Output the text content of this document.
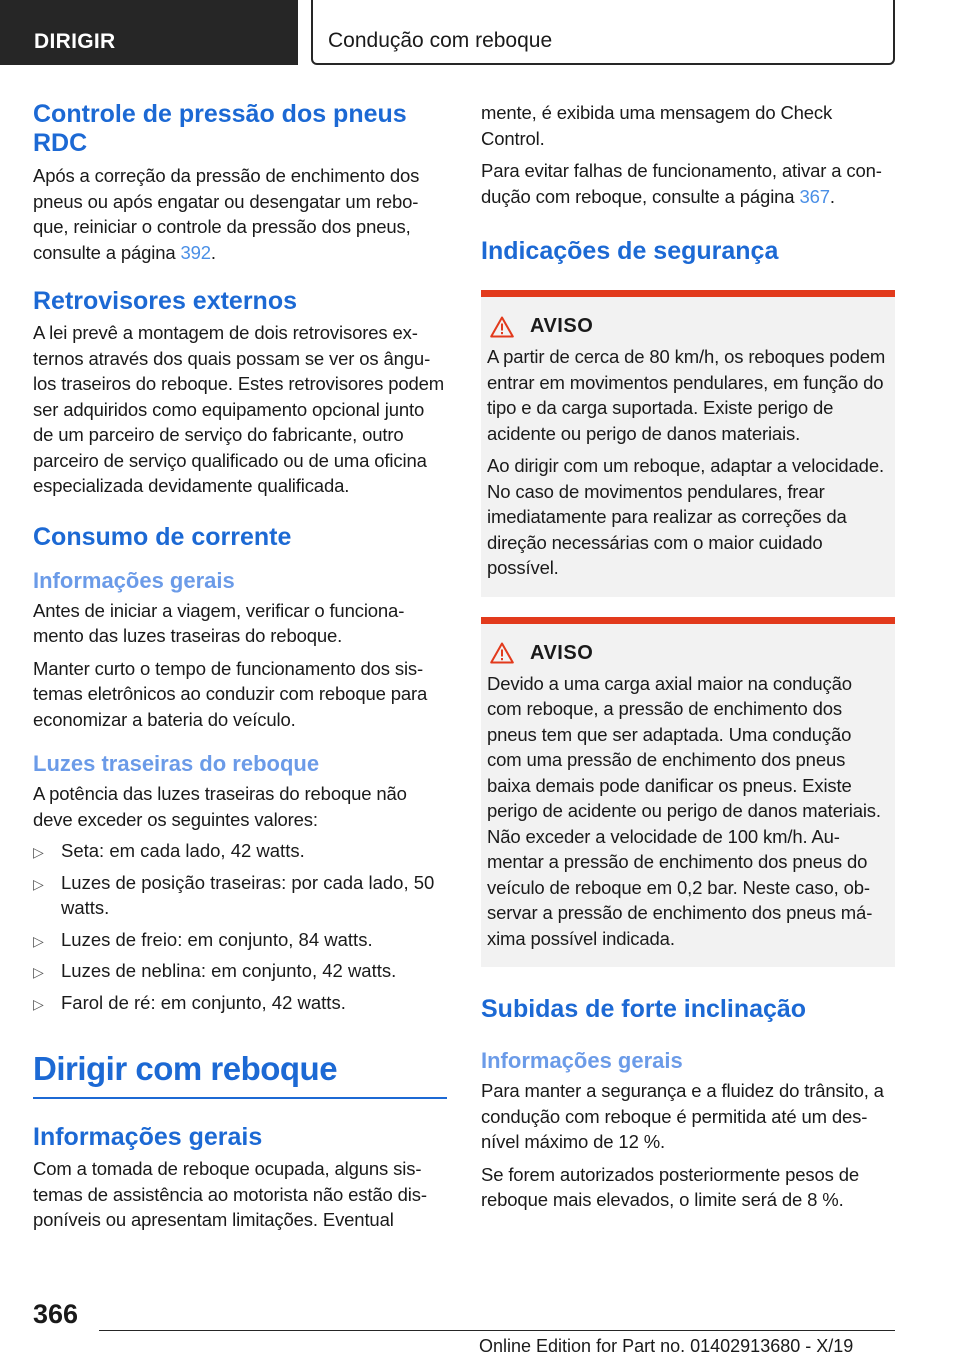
DIRIGIR	Condução com reboque
Controle de pressão dos pneus
RDC

Após a correção da pressão de enchimento dos pneus ou após engatar ou desengatar um reboque, reiniciar o controle da pressão dos pneus, consulte a página 392.

Retrovisores externos

A lei prevê a montagem de dois retrovisores externos através dos quais possam se ver os ângulos traseiros do reboque. Estes retrovisores podem ser adquiridos como equipamento opcional junto de um parceiro de serviço do fabricante, outro parceiro de serviço qualificado ou de uma oficina especializada devidamente qualificada.

Consumo de corrente
Informações gerais

Antes de iniciar a viagem, verificar o funcionamento das luzes traseiras do reboque.

Manter curto o tempo de funcionamento dos sistemas eletrônicos ao conduzir com reboque para economizar a bateria do veículo.

Luzes traseiras do reboque

A potência das luzes traseiras do reboque não deve exceder os seguintes valores:

▷ Seta: em cada lado, 42 watts.
▷ Luzes de posição traseiras: por cada lado, 50 watts.
▷ Luzes de freio: em conjunto, 84 watts.
▷ Luzes de neblina: em conjunto, 42 watts.
▷ Farol de ré: em conjunto, 42 watts.
Dirigir com reboque
Informações gerais

Com a tomada de reboque ocupada, alguns sistemas de assistência ao motorista não estão disponíveis ou apresentam limitações. Eventual

mente, é exibida uma mensagem do Check Control.

Para evitar falhas de funcionamento, ativar a condução com reboque, consulte a página 367.

Indicações de segurança
AVISO

A partir de cerca de 80 km/h, os reboques podem entrar em movimentos pendulares, em função do tipo e da carga suportada. Existe perigo de acidente ou perigo de danos materiais.

Ao dirigir com um reboque, adaptar a velocidade. No caso de movimentos pendulares, frear imediatamente para realizar as correções da direção necessárias com o maior cuidado possível.

AVISO

Devido a uma carga axial maior na condução com reboque, a pressão de enchimento dos pneus tem que ser adaptada. Uma condução com uma pressão de enchimento dos pneus baixa demais pode danificar os pneus. Existe perigo de acidente ou perigo de danos materiais. Não exceder a velocidade de 100 km/h. Aumentar a pressão de enchimento dos pneus do veículo de reboque em 0,2 bar. Neste caso, observar a pressão de enchimento dos pneus máxima possível indicada.

Subidas de forte inclinação
Informações gerais

Para manter a segurança e a fluidez do trânsito, a condução com reboque é permitida até um desnível máximo de 12 %.

Se forem autorizados posteriormente pesos de reboque mais elevados, o limite será de 8 %.

366
Online Edition for Part no. 01402913680 - X/19
